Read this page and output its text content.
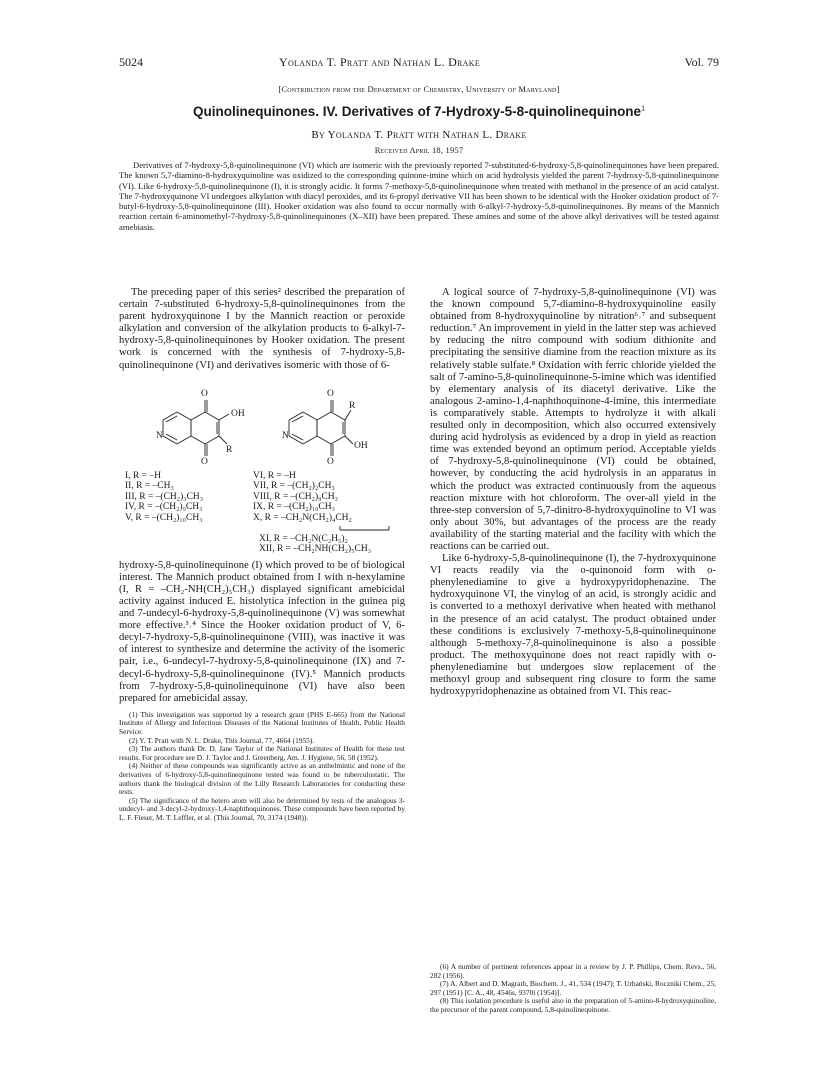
5024	Yolanda T. Pratt and Nathan L. Drake	Vol. 79
[Contribution from the Department of Chemistry, University of Maryland]
Quinolinequinones. IV. Derivatives of 7-Hydroxy-5-8-quinolinequinone$^1$
By Yolanda T. Pratt with Nathan L. Drake
Received April 18, 1957

Derivatives of 7-hydroxy-5,8-quinolinequinone (VI) which are isomeric with the previously reported 7-substituted-6-hydroxy-5,8-quinolinequinones have been prepared. The known 5,7-diamino-8-hydroxyquinoline was oxidized to the corresponding quinone-imine which on acid hydrolysis yielded the parent 7-hydroxy-5,8-quinolinequinone (VI). Like 6-hydroxy-5,8-quinolinequinone (I), it is strongly acidic. It forms 7-methoxy-5,8-quinolinequinone when treated with methanol in the presence of an acid catalyst. The 7-hydroxyquinone VI undergoes alkylation with diacyl peroxides, and its 6-propyl derivative VII has been shown to be identical with the Hooker oxidation product of 7-butyl-6-hydroxy-5,8-quinolinequinone (III). Hooker oxidation was also found to occur normally with 6-alkyl-7-hydroxy-5,8-quinolinequinones. By means of the Mannich reaction certain 6-aminomethyl-7-hydroxy-5,8-quinolinequinones (X–XII) have been prepared. These amines and some of the above alkyl derivatives will be tested against amebiasis.

The preceding paper of this series² described the preparation of certain 7-substituted 6-hydroxy-5,8-quinolinequinones from the parent hydroxyquinone I by the Mannich reaction or peroxide alkylation and conversion of the alkylation products to 6-alkyl-7-hydroxy-5,8-quinolinequinones by Hooker oxidation. The present work is concerned with the synthesis of 7-hydroxy-5,8-quinolinequinone (VI) and derivatives isomeric with those of 6-

O
OH
N
R
O
O
R
N
OH
O
I, R = –H
II, R = –CH₃
III, R = –(CH₂)₃CH₃
IV, R = –(CH₂)₉CH₃
V, R = –(CH₂)₁₀CH₃
VI, R = –H
VII, R = –(CH₂)₂CH₃
VIII, R = –(CH₂)₉CH₃
IX, R = –(CH₂)₁₀CH₃
X, R = –CH₂N(CH₂)₄CH₂
XI, R = –CH₂N(C₂H₅)₂
XII, R = –CH₂NH(CH₂)₅CH₃

hydroxy-5,8-quinolinequinone (I) which proved to be of biological interest. The Mannich product obtained from I with n-hexylamine (I, R = –CH₂-NH(CH₂)₅CH₃) displayed significant amebicidal activity against induced E. histolytica infection in the guinea pig and 7-undecyl-6-hydroxy-5,8-quinolinequinone (V) was somewhat more effective.³˒⁴ Since the Hooker oxidation product of V, 6-decyl-7-hydroxy-5,8-quinolinequinone (VIII), was inactive it was of interest to synthesize and determine the activity of the isomeric pair, i.e., 6-undecyl-7-hydroxy-5,8-quinolinequinone (IX) and 7-decyl-6-hydroxy-5,8-quinolinequinone (IV).⁵ Mannich products from 7-hydroxy-5,8-quinolinequinone (VI) have also been prepared for amebicidal assay.

(1) This investigation was supported by a research grant (PHS E-665) from the National Institute of Allergy and Infectious Diseases of the National Institutes of Health, Public Health Service.

(2) Y. T. Pratt with N. L. Drake, This Journal, 77, 4664 (1955).

(3) The authors thank Dr. D. Jane Taylor of the National Institutes of Health for these test results. For procedure see D. J. Taylor and J. Greenberg, Am. J. Hygiene, 56, 58 (1952).

(4) Neither of these compounds was significantly active as an anthelmintic and none of the derivatives of 6-hydroxy-5,8-quinolinequinone tested was found to be tuberculostatic. The authors thank the biological division of the Lilly Research Laboratories for conducting these tests.

(5) The significance of the hetero atom will also be determined by tests of the analogous 3-undecyl- and 3-decyl-2-hydroxy-1,4-naphthoquinones. These compounds have been reported by L. F. Fieser, M. T. Leffler, et al. (This Journal, 70, 3174 (1948)).

A logical source of 7-hydroxy-5,8-quinolinequinone (VI) was the known compound 5,7-diamino-8-hydroxyquinoline easily obtained from 8-hydroxyquinoline by nitration⁶˒⁷ and subsequent reduction.⁷ An improvement in yield in the latter step was achieved by reducing the nitro compound with sodium dithionite and precipitating the sensitive diamine from the reaction mixture as its relatively stable sulfate.⁸ Oxidation with ferric chloride yielded the salt of 7-amino-5,8-quinolinequinone-5-imine which was identified by elementary analysis of its diacetyl derivative. Like the analogous 2-amino-1,4-naphthoquinone-4-imine, this intermediate is comparatively stable. Attempts to hydrolyze it with alkali resulted only in decomposition, which also occurred extensively during acid hydrolysis as evidenced by a drop in yield as reaction time was extended beyond an optimum period. Acceptable yields of 7-hydroxy-5,8-quinolinequinone (VI) could be obtained, however, by conducting the acid hydrolysis in an apparatus in which the product was extracted continuously from the aqueous reaction mixture with hot chloroform. The over-all yield in the three-step conversion of 5,7-dinitro-8-hydroxyquinoline to VI was only about 30%, but advantages of the process are the ready availability of the starting material and the facility with which the reactions can be carried out.

Like 6-hydroxy-5,8-quinolinequinone (I), the 7-hydroxyquinone VI reacts readily via the o-quinonoid form with o-phenylenediamine to give a hydroxypyridophenazine. The hydroxyquinone VI, the vinylog of an acid, is strongly acidic and is converted to a methoxyl derivative when heated with methanol in the presence of an acid catalyst. The product obtained under these conditions is exclusively 7-methoxy-5,8-quinolinequinone although 5-methoxy-7,8-quinolinequinone is also a possible product. The methoxyquinone does not react rapidly with o-phenylenediamine but undergoes slow replacement of the methoxyl group and subsequent ring closure to form the same hydroxypyridophenazine as obtained from VI. This reac-

(6) A number of pertinent references appear in a review by J. P. Phillips, Chem. Revs., 56, 282 (1956).

(7) A. Albert and D. Magrath, Biochem. J., 41, 534 (1947); T. Urbański, Roczniki Chem., 25, 297 (1951) [C. A., 48, 4546s, 9370i (1954)].

(8) This isolation procedure is useful also in the preparation of 5-amino-8-hydroxyquinoline, the precursor of the parent compound, 5,8-quinolinequinone.
